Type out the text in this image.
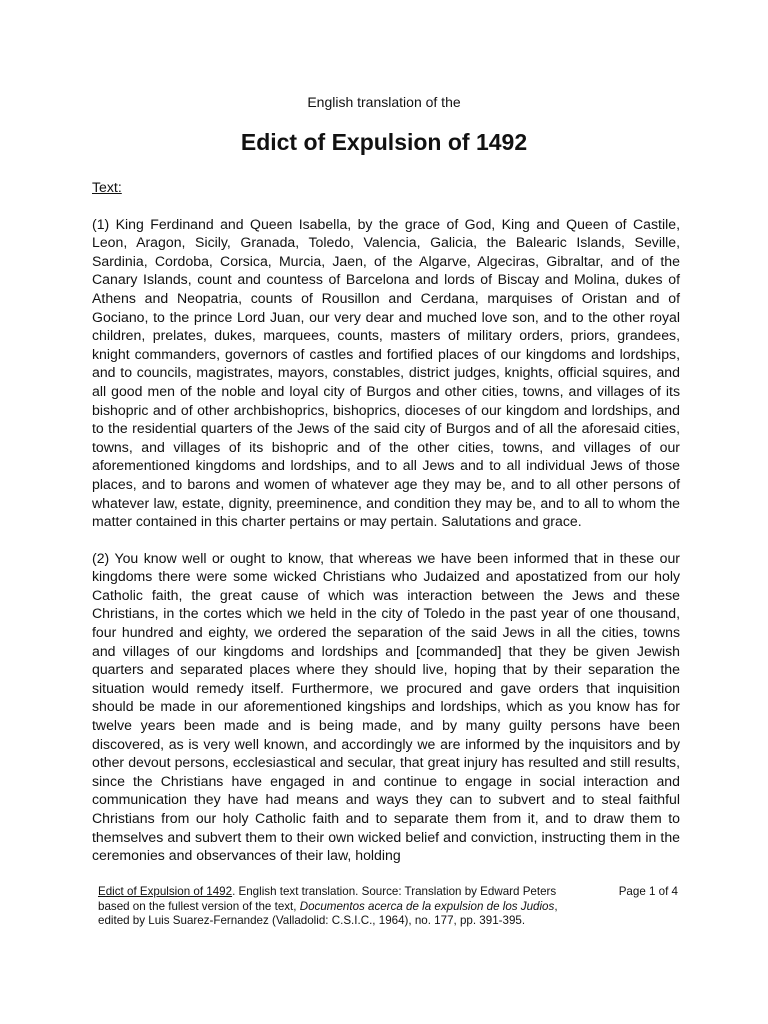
English translation of the
Edict of Expulsion of 1492

Text:

(1) King Ferdinand and Queen Isabella, by the grace of God, King and Queen of Castile, Leon, Aragon, Sicily, Granada, Toledo, Valencia, Galicia, the Balearic Islands, Seville, Sardinia, Cordoba, Corsica, Murcia, Jaen, of the Algarve, Algeciras, Gibraltar, and of the Canary Islands, count and countess of Barcelona and lords of Biscay and Molina, dukes of Athens and Neopatria, counts of Rousillon and Cerdana, marquises of Oristan and of Gociano, to the prince Lord Juan, our very dear and muched love son, and to the other royal children, prelates, dukes, marquees, counts, masters of military orders, priors, grandees, knight commanders, governors of castles and fortified places of our kingdoms and lordships, and to councils, magistrates, mayors, constables, district judges, knights, official squires, and all good men of the noble and loyal city of Burgos and other cities, towns, and villages of its bishopric and of other archbishoprics, bishoprics, dioceses of our kingdom and lordships, and to the residential quarters of the Jews of the said city of Burgos and of all the aforesaid cities, towns, and villages of its bishopric and of the other cities, towns, and villages of our aforementioned kingdoms and lordships, and to all Jews and to all individual Jews of those places, and to barons and women of whatever age they may be, and to all other persons of whatever law, estate, dignity, preeminence, and condition they may be, and to all to whom the matter contained in this charter pertains or may pertain. Salutations and grace.

(2) You know well or ought to know, that whereas we have been informed that in these our kingdoms there were some wicked Christians who Judaized and apostatized from our holy Catholic faith, the great cause of which was interaction between the Jews and these Christians, in the cortes which we held in the city of Toledo in the past year of one thousand, four hundred and eighty, we ordered the separation of the said Jews in all the cities, towns and villages of our kingdoms and lordships and [commanded] that they be given Jewish quarters and separated places where they should live, hoping that by their separation the situation would remedy itself. Furthermore, we procured and gave orders that inquisition should be made in our aforementioned kingships and lordships, which as you know has for twelve years been made and is being made, and by many guilty persons have been discovered, as is very well known, and accordingly we are informed by the inquisitors and by other devout persons, ecclesiastical and secular, that great injury has resulted and still results, since the Christians have engaged in and continue to engage in social interaction and communication they have had means and ways they can to subvert and to steal faithful Christians from our holy Catholic faith and to separate them from it, and to draw them to themselves and subvert them to their own wicked belief and conviction, instructing them in the ceremonies and observances of their law, holding

Edict of Expulsion of 1492. English text translation. Source: Translation by Edward Peters based on the fullest version of the text, Documentos acerca de la expulsion de los Judios, edited by Luis Suarez-Fernandez (Valladolid: C.S.I.C., 1964), no. 177, pp. 391-395.
Page 1 of 4
